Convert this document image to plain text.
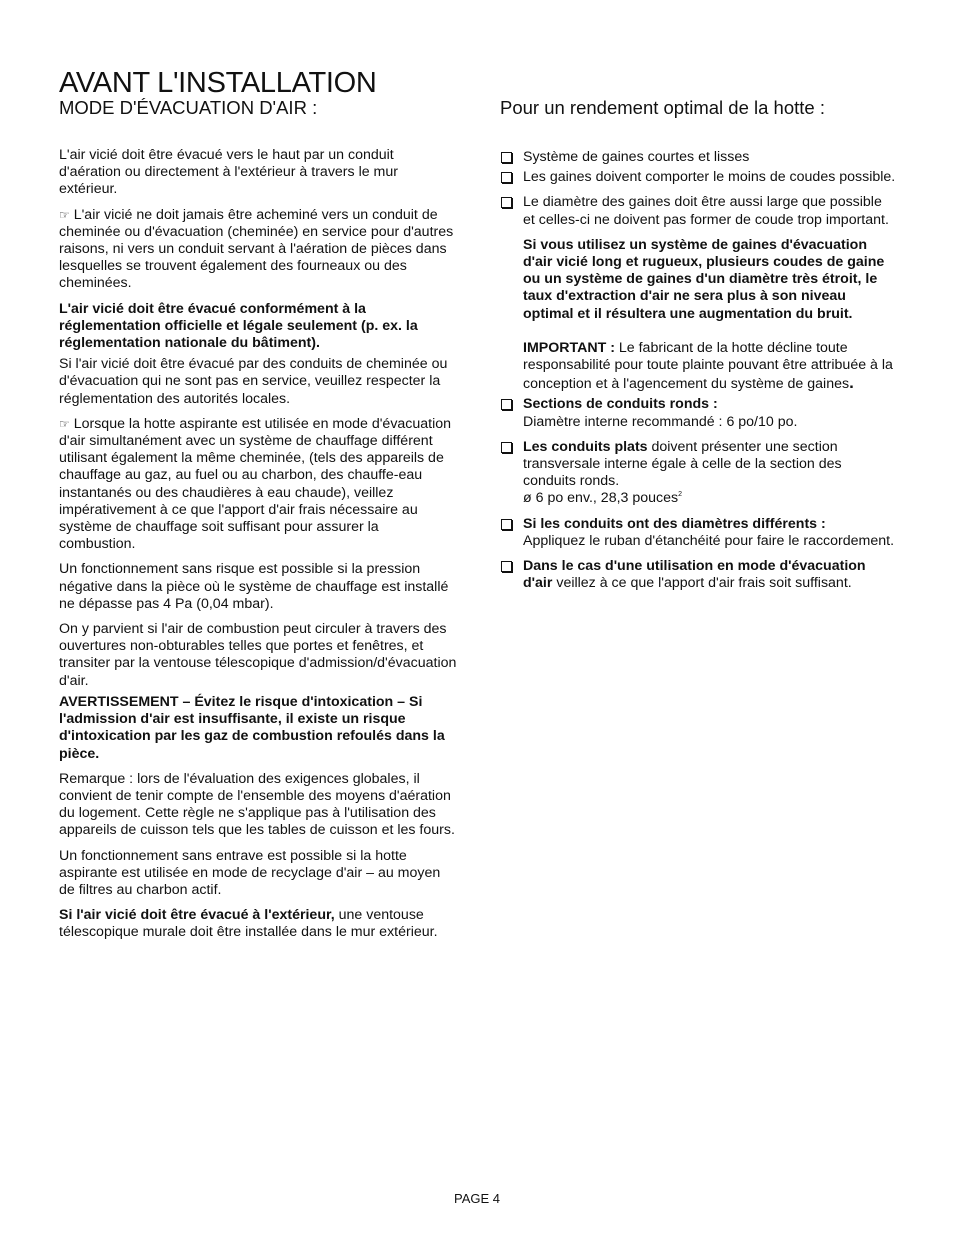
AVANT L'INSTALLATION
MODE D'ÉVACUATION D'AIR :

L'air vicié doit être évacué vers le haut par un conduit d'aération ou directement à l'extérieur à travers le mur extérieur.

☞ L'air vicié ne doit jamais être acheminé vers un conduit de cheminée ou d'évacuation (cheminée) en service pour d'autres raisons, ni vers un conduit servant à l'aération de pièces dans lesquelles se trouvent également des fourneaux ou des cheminées.

L'air vicié doit être évacué conformément à la réglementation officielle et légale seulement (p. ex. la réglementation nationale du bâtiment).

Si l'air vicié doit être évacué par des conduits de cheminée ou d'évacuation qui ne sont pas en service, veuillez respecter la réglementation des autorités locales.

☞ Lorsque la hotte aspirante est utilisée en mode d'évacuation d'air simultanément avec un système de chauffage différent utilisant également la même cheminée, (tels des appareils de chauffage au gaz, au fuel ou au charbon, des chauffe-eau instantanés ou des chaudières à eau chaude), veillez impérativement à ce que l'apport d'air frais nécessaire au système de chauffage soit suffisant pour assurer la combustion.

Un fonctionnement sans risque est possible si la pression négative dans la pièce où le système de chauffage est installé ne dépasse pas 4 Pa (0,04 mbar).

On y parvient si l'air de combustion peut circuler à travers des ouvertures non-obturables telles que portes et fenêtres, et transiter par la ventouse télescopique d'admission/d'évacuation d'air.

AVERTISSEMENT – Évitez le risque d'intoxication – Si l'admission d'air est insuffisante, il existe un risque d'intoxication par les gaz de combustion refoulés dans la pièce.

Remarque : lors de l'évaluation des exigences globales, il convient de tenir compte de l'ensemble des moyens d'aération du logement. Cette règle ne s'applique pas à l'utilisation des appareils de cuisson tels que les tables de cuisson et les fours.

Un fonctionnement sans entrave est possible si la hotte aspirante est utilisée en mode de recyclage d'air – au moyen de filtres au charbon actif.

Si l'air vicié doit être évacué à l'extérieur, une ventouse télescopique murale doit être installée dans le mur extérieur.

Pour un rendement optimal de la hotte :
Système de gaines courtes et lisses
Les gaines doivent comporter le moins de coudes possible.
Le diamètre des gaines doit être aussi large que possible et celles-ci ne doivent pas former de coude trop important.

Si vous utilisez un système de gaines d'évacuation d'air vicié long et rugueux, plusieurs coudes de gaine ou un système de gaines d'un diamètre très étroit, le taux d'extraction d'air ne sera plus à son niveau optimal et il résultera une augmentation du bruit.

IMPORTANT : Le fabricant de la hotte décline toute responsabilité pour toute plainte pouvant être attribuée à la conception et à l'agencement du système de gaines.

Sections de conduits ronds :
Diamètre interne recommandé : 6 po/10 po.
Les conduits plats doivent présenter une section transversale interne égale à celle de la section des conduits ronds.
ø 6 po env., 28,3 pouces$^2$
Si les conduits ont des diamètres différents :
Appliquez le ruban d'étanchéité pour faire le raccordement.
Dans le cas d'une utilisation en mode d'évacuation d'air veillez à ce que l'apport d'air frais soit suffisant.
PAGE 4
